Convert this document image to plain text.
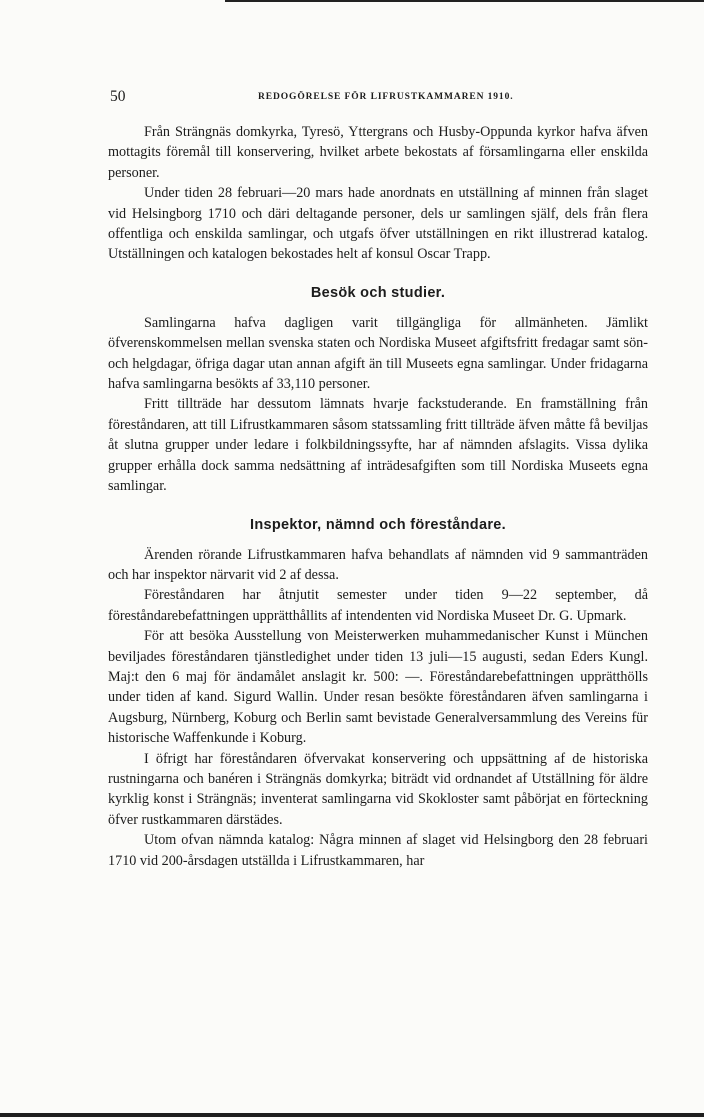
50	REDOGÖRELSE FÖR LIFRUSTKAMMAREN 1910.

Från Strängnäs domkyrka, Tyresö, Yttergrans och Husby-Oppunda kyrkor hafva äfven mottagits föremål till konservering, hvilket arbete bekostats af församlingarna eller enskilda personer.

Under tiden 28 februari—20 mars hade anordnats en utställning af minnen från slaget vid Helsingborg 1710 och däri deltagande personer, dels ur samlingen själf, dels från flera offentliga och enskilda samlingar, och utgafs öfver utställningen en rikt illustrerad katalog. Utställningen och katalogen bekostades helt af konsul Oscar Trapp.

Besök och studier.

Samlingarna hafva dagligen varit tillgängliga för allmänheten. Jämlikt öfverenskommelsen mellan svenska staten och Nordiska Museet afgiftsfritt fredagar samt sön- och helgdagar, öfriga dagar utan annan afgift än till Museets egna samlingar. Under fridagarna hafva samlingarna besökts af 33,110 personer.

Fritt tillträde har dessutom lämnats hvarje fackstuderande. En framställning från föreståndaren, att till Lifrustkammaren såsom statssamling fritt tillträde äfven måtte få beviljas åt slutna grupper under ledare i folkbildningssyfte, har af nämnden afslagits. Vissa dylika grupper erhålla dock samma nedsättning af inträdesafgiften som till Nordiska Museets egna samlingar.

Inspektor, nämnd och föreståndare.

Ärenden rörande Lifrustkammaren hafva behandlats af nämnden vid 9 sammanträden och har inspektor närvarit vid 2 af dessa.

Föreståndaren har åtnjutit semester under tiden 9—22 september, då föreståndarebefattningen upprätthållits af intendenten vid Nordiska Museet Dr. G. Upmark.

För att besöka Ausstellung von Meisterwerken muhammedanischer Kunst i München beviljades föreståndaren tjänstledighet under tiden 13 juli—15 augusti, sedan Eders Kungl. Maj:t den 6 maj för ändamålet anslagit kr. 500: —. Föreståndarebefattningen upprätthölls under tiden af kand. Sigurd Wallin. Under resan besökte föreståndaren äfven samlingarna i Augsburg, Nürnberg, Koburg och Berlin samt bevistade Generalversammlung des Vereins für historische Waffenkunde i Koburg.

I öfrigt har föreståndaren öfvervakat konservering och uppsättning af de historiska rustningarna och banéren i Strängnäs domkyrka; biträdt vid ordnandet af Utställning för äldre kyrklig konst i Strängnäs; inventerat samlingarna vid Skokloster samt påbörjat en förteckning öfver rustkammaren därstädes.

Utom ofvan nämnda katalog: Några minnen af slaget vid Helsingborg den 28 februari 1710 vid 200-årsdagen utställda i Lifrustkammaren, har
